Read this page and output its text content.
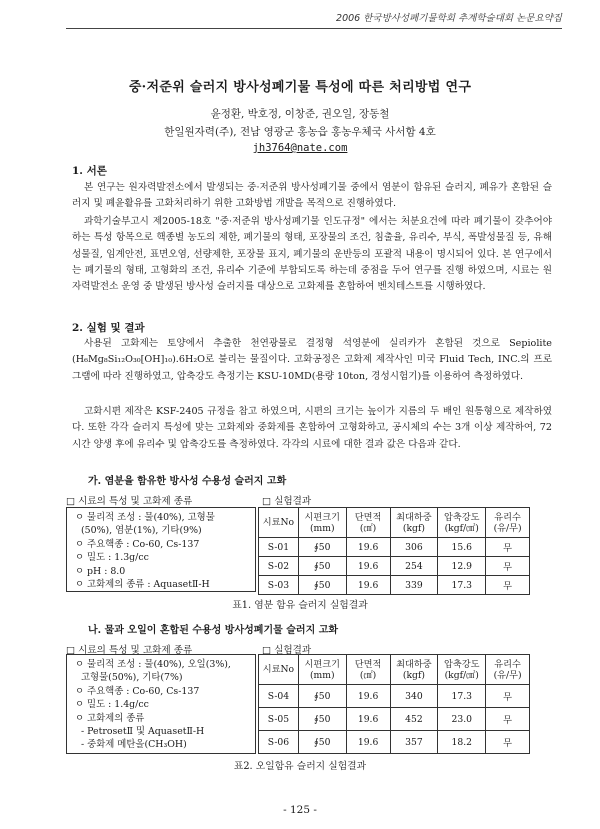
2006 한국방사성폐기물학회 추계학술대회 논문요약집
중·저준위 슬러지 방사성폐기물 특성에 따른 처리방법 연구
윤정환, 박호정, 이창준, 권오일, 장동철
한일원자력(주), 전남 영광군 홍농읍 홍농우체국 사서함 4호
jh3764@nate.com
1. 서론
본 연구는 원자력발전소에서 발생되는 중·저준위 방사성폐기물 중에서 염분이 함유된 슬러지, 폐유가 혼합된 슬러지 및 폐윤활유를 고화처리하기 위한 고화방법 개발을 목적으로 진행하였다.
과학기술부고시 제2005-18호 "중·저준위 방사성폐기물 인도규정" 에서는 처분요건에 따라 폐기물이 갖추어야 하는 특성 항목으로 핵종별 농도의 제한, 폐기물의 형태, 포장물의 조건, 침출율, 유리수, 부식, 폭발성물질 등, 유해성물질, 임계안전, 표면오염, 선량제한, 포장물 표지, 폐기물의 운반등의 포괄적 내용이 명시되어 있다. 본 연구에서는 폐기물의 형태, 고형화의 조건, 유리수 기준에 부합되도록 하는데 중점을 두어 연구를 진행 하였으며, 시료는 원자력발전소 운영 중 발생된 방사성 슬러지를 대상으로 고화제를 혼합하여 벤치테스트를 시행하였다.
2. 실험 및 결과
사용된 고화제는 토양에서 추출한 천연광물로 결정형 석영분에 실리카가 혼합된 것으로 Sepiolite (H₆Mg₈Si₁₂O₃₀[OH]₁₀).6H₂O로 불리는 물질이다. 고화공정은 고화제 제작사인 미국 Fluid Tech, INC.의 프로그램에 따라 진행하였고, 압축강도 측정기는 KSU-10MD(용량 10ton, 경성시험기)를 이용하여 측정하였다.
고화시편 제작은 KSF-2405 규정을 참고 하였으며, 시편의 크기는 높이가 지름의 두 배인 원통형으로 제작하였다. 또한 각각 슬러지 특성에 맞는 고화제와 중화제를 혼합하여 고형화하고, 공시체의 수는 3개 이상 제작하여, 72시간 양생 후에 유리수 및 압축강도를 측정하였다. 각각의 시료에 대한 결과 값은 다음과 같다.
가. 염분을 함유한 방사성 수용성 슬러지 고화
□ 시료의 특성 및 고화제 종류	□ 실험결과
ㅇ 물리적 조성 : 물(40%), 고형물
(50%), 염분(1%), 기타(9%)
ㅇ 주요핵종 : Co-60, Cs-137
ㅇ 밀도 : 1.3g/cc
ㅇ pH : 8.0
ㅇ 고화제의 종류 : AquasetⅡ-H
시료No	시편크기 (mm)	단면적 (㎠)	최대하중 (kgf)	압축강도 (kgf/㎠)	유리수 (유/무)
S-01	∮50	19.6	306	15.6	무
S-02	∮50	19.6	254	12.9	무
S-03	∮50	19.6	339	17.3	무
표1. 염분 함유 슬러지 실험결과
나. 물과 오일이 혼합된 수용성 방사성폐기물 슬러지 고화
□ 시료의 특성 및 고화제 종류	□ 실험결과
ㅇ 물리적 조성 : 물(40%), 오일(3%),
고형물(50%), 기타(7%)
ㅇ 주요핵종 : Co-60, Cs-137
ㅇ 밀도 : 1.4g/cc
ㅇ 고화제의 종류
- PetrosetⅡ 및 AquasetⅡ-H
- 중화제 메탄올(CH₃OH)
시료No	시편크기 (mm)	단면적 (㎠)	최대하중 (kgf)	압축강도 (kgf/㎠)	유리수 (유/무)
S-04	∮50	19.6	340	17.3	무
S-05	∮50	19.6	452	23.0	무
S-06	∮50	19.6	357	18.2	무
표2. 오일함유 슬러지 실험결과
- 125 -
